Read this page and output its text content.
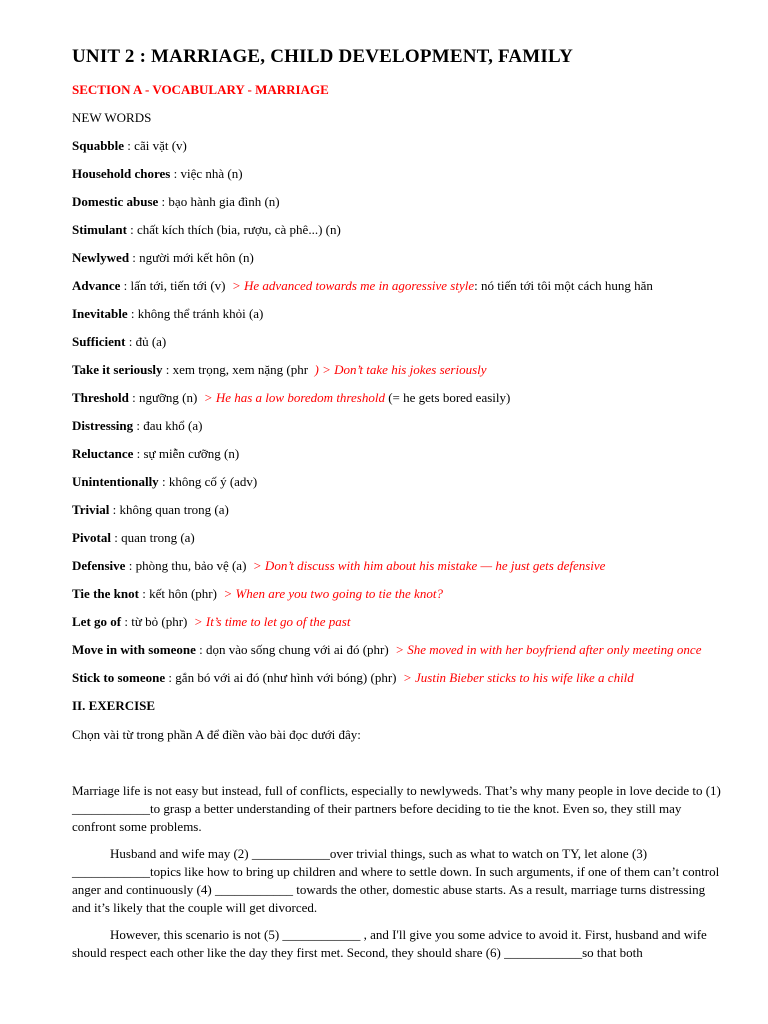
UNIT 2 : MARRIAGE, CHILD DEVELOPMENT, FAMILY
SECTION A - VOCABULARY - MARRIAGE
NEW WORDS
Squabble : cãi vặt (v)
Household chores : việc nhà (n)
Domestic abuse : bạo hành gia đình (n)
Stimulant : chất kích thích (bia, rượu, cà phê...) (n)
Newlywed : người mới kết hôn (n)
Advance : lấn tới, tiến tới (v) > He advanced towards me in agoressive style: nó tiến tới tôi một cách hung hăn
Inevitable : không thể tránh khỏi (a)
Sufficient : đủ (a)
Take it seriously : xem trọng, xem nặng (phr ) > Don’t take his jokes seriously
Threshold : ngưỡng (n) > He has a low boredom threshold (= he gets bored easily)
Distressing : đau khổ (a)
Reluctance : sự miễn cưỡng (n)
Unintentionally : không cố ý (adv)
Trivial : không quan trong (a)
Pivotal : quan trong (a)
Defensive : phòng thu, bảo vệ (a) > Don’t discuss with him about his mistake — he just gets defensive
Tie the knot : kết hôn (phr) > When are you two going to tie the knot?
Let go of : từ bỏ (phr) > It’s time to let go of the past
Move in with someone : dọn vào sống chung với ai đó (phr) > She moved in with her boyfriend after only meeting once
Stick to someone : gắn bó với ai đó (như hình với bóng) (phr) > Justin Bieber sticks to his wife like a child
II. EXERCISE
Chọn vài từ trong phần A để điền vào bài đọc dưới đây:

Marriage life is not easy but instead, full of conflicts, especially to newlyweds. That’s why many people in love decide to (1) ____________to grasp a better understanding of their partners before deciding to tie the knot. Even so, they still may confront some problems.

Husband and wife may (2) ____________over trivial things, such as what to watch on TY, let alone (3) ____________topics like how to bring up children and where to settle down. In such arguments, if one of them can’t control anger and continuously (4) ____________ towards the other, domestic abuse starts. As a result, marriage turns distressing and it’s likely that the couple will get divorced.

However, this scenario is not (5) ____________ , and I'll give you some advice to avoid it. First, husband and wife should respect each other like the day they first met. Second, they should share (6) ____________so that both
